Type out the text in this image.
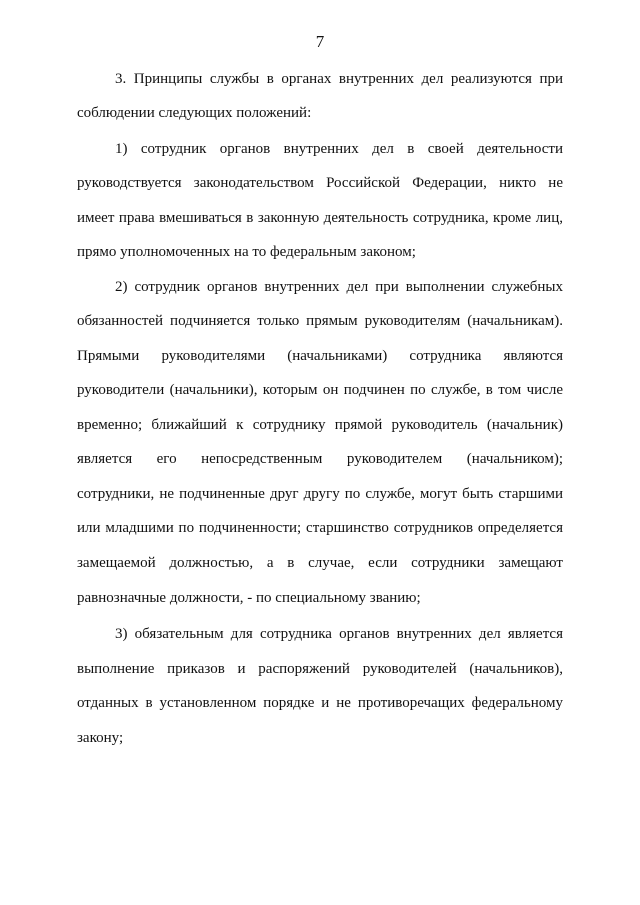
7
3. Принципы службы в органах внутренних дел реализуются при
соблюдении следующих положений:
1) сотрудник органов внутренних дел в своей деятельности
руководствуется законодательством Российской Федерации, никто не
имеет права вмешиваться в законную деятельность сотрудника, кроме лиц,
прямо уполномоченных на то федеральным законом;
2) сотрудник органов внутренних дел при выполнении служебных
обязанностей подчиняется только прямым руководителям (начальникам).
Прямыми руководителями (начальниками) сотрудника являются
руководители (начальники), которым он подчинен по службе, в том числе
временно; ближайший к сотруднику прямой руководитель (начальник)
является его непосредственным руководителем (начальником);
сотрудники, не подчиненные друг другу по службе, могут быть старшими
или младшими по подчиненности; старшинство сотрудников определяется
замещаемой должностью, а в случае, если сотрудники замещают
равнозначные должности, - по специальному званию;
3) обязательным для сотрудника органов внутренних дел является
выполнение приказов и распоряжений руководителей (начальников),
отданных в установленном порядке и не противоречащих федеральному
закону;
